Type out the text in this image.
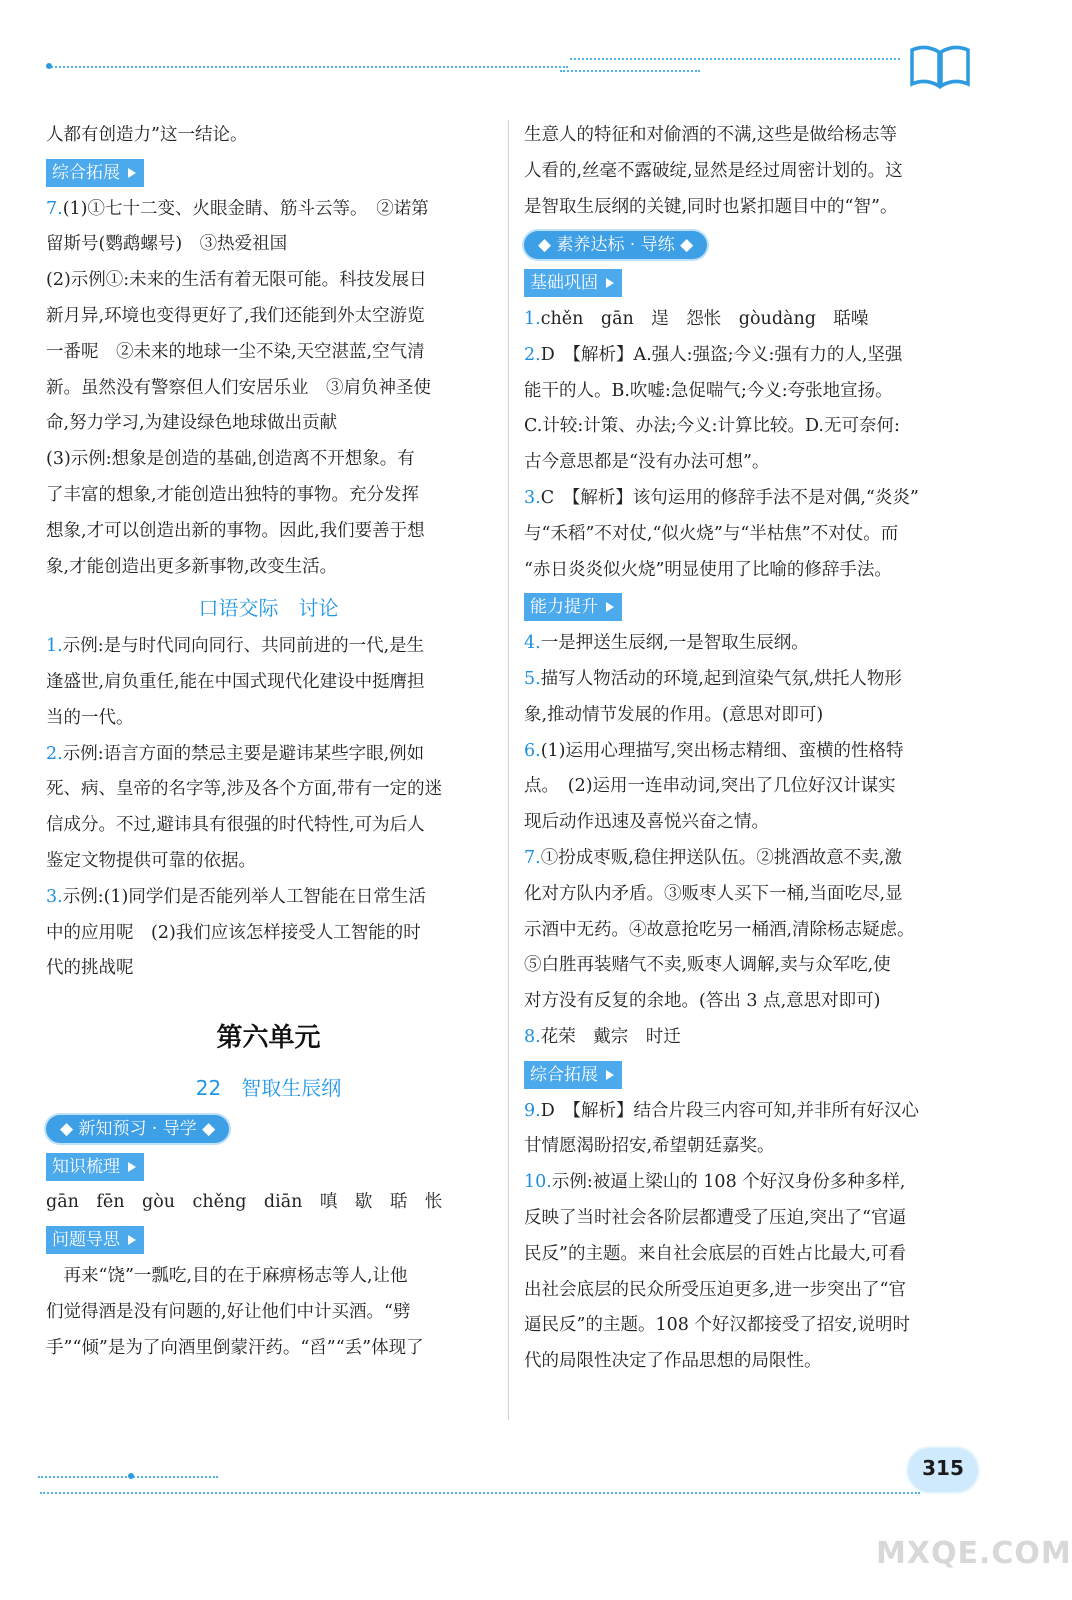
人都有创造力”这一结论。

综合拓展

7.(1)①七十二变、火眼金睛、筋斗云等。　②诺第

留斯号(鹦鹉螺号)　③热爱祖国

(2)示例①:未来的生活有着无限可能。科技发展日

新月异,环境也变得更好了,我们还能到外太空游览

一番呢　②未来的地球一尘不染,天空湛蓝,空气清

新。虽然没有警察但人们安居乐业　③肩负神圣使

命,努力学习,为建设绿色地球做出贡献

(3)示例:想象是创造的基础,创造离不开想象。有

了丰富的想象,才能创造出独特的事物。充分发挥

想象,才可以创造出新的事物。因此,我们要善于想

象,才能创造出更多新事物,改变生活。

口语交际　讨论

1.示例:是与时代同向同行、共同前进的一代,是生

逢盛世,肩负重任,能在中国式现代化建设中挺膺担

当的一代。

2.示例:语言方面的禁忌主要是避讳某些字眼,例如

死、病、皇帝的名字等,涉及各个方面,带有一定的迷

信成分。不过,避讳具有很强的时代特性,可为后人

鉴定文物提供可靠的依据。

3.示例:(1)同学们是否能列举人工智能在日常生活

中的应用呢　(2)我们应该怎样接受人工智能的时

代的挑战呢

第六单元

22　智取生辰纲

◆ 新知预习 · 导学 ◆
知识梳理

gān　fēn　gòu　chěng　diān　嗔　歇　聒　怅

问题导思

　再来“饶”一瓢吃,目的在于麻痹杨志等人,让他

们觉得酒是没有问题的,好让他们中计买酒。“劈

手”“倾”是为了向酒里倒蒙汗药。“舀”“丢”体现了

生意人的特征和对偷酒的不满,这些是做给杨志等

人看的,丝毫不露破绽,显然是经过周密计划的。这

是智取生辰纲的关键,同时也紧扣题目中的“智”。

◆ 素养达标 · 导练 ◆
基础巩固

1.chěn　gān　逞　怨怅　gòudàng　聒噪

2.D　【解析】A.强人:强盗;今义:强有力的人,坚强

能干的人。B.吹嘘:急促喘气;今义:夸张地宣扬。

C.计较:计策、办法;今义:计算比较。D.无可奈何:

古今意思都是“没有办法可想”。

3.C　【解析】该句运用的修辞手法不是对偶,“炎炎”

与“禾稻”不对仗,“似火烧”与“半枯焦”不对仗。而

“赤日炎炎似火烧”明显使用了比喻的修辞手法。

能力提升

4.一是押送生辰纲,一是智取生辰纲。

5.描写人物活动的环境,起到渲染气氛,烘托人物形

象,推动情节发展的作用。(意思对即可)

6.(1)运用心理描写,突出杨志精细、蛮横的性格特

点。　(2)运用一连串动词,突出了几位好汉计谋实

现后动作迅速及喜悦兴奋之情。

7.①扮成枣贩,稳住押送队伍。②挑酒故意不卖,激

化对方队内矛盾。③贩枣人买下一桶,当面吃尽,显

示酒中无药。④故意抢吃另一桶酒,清除杨志疑虑。

⑤白胜再装赌气不卖,贩枣人调解,卖与众军吃,使

对方没有反复的余地。(答出 3 点,意思对即可)

8.花荣　戴宗　时迁

综合拓展

9.D　【解析】结合片段三内容可知,并非所有好汉心

甘情愿渴盼招安,希望朝廷嘉奖。

10.示例:被逼上梁山的 108 个好汉身份多种多样,

反映了当时社会各阶层都遭受了压迫,突出了“官逼

民反”的主题。来自社会底层的百姓占比最大,可看

出社会底层的民众所受压迫更多,进一步突出了“官

逼民反”的主题。108 个好汉都接受了招安,说明时

代的局限性决定了作品思想的局限性。

315
MXQE.COM
